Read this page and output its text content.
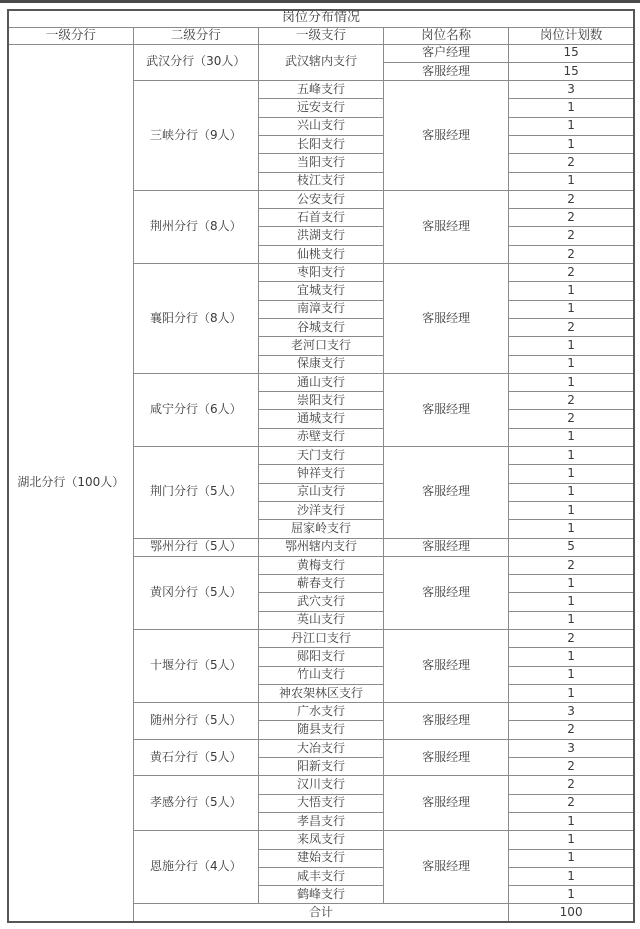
岗位分布情况				
一级分行	二级分行	一级支行	岗位名称	岗位计划数
湖北分行（100人）	武汉分行（30人）	武汉辖内支行	客户经理	15
			客服经理	15
	三峡分行（9人）	五峰支行	客服经理	3
		远安支行		1
		兴山支行		1
		长阳支行		1
		当阳支行		2
		枝江支行		1
	荆州分行（8人）	公安支行	客服经理	2
		石首支行		2
		洪湖支行		2
		仙桃支行		2
	襄阳分行（8人）	枣阳支行	客服经理	2
		宜城支行		1
		南漳支行		1
		谷城支行		2
		老河口支行		1
		保康支行		1
	咸宁分行（6人）	通山支行	客服经理	1
		崇阳支行		2
		通城支行		2
		赤壁支行		1
	荆门分行（5人）	天门支行	客服经理	1
		钟祥支行		1
		京山支行		1
		沙洋支行		1
		屈家岭支行		1
	鄂州分行（5人）	鄂州辖内支行	客服经理	5
	黄冈分行（5人）	黄梅支行	客服经理	2
		蕲春支行		1
		武穴支行		1
		英山支行		1
	十堰分行（5人）	丹江口支行	客服经理	2
		郧阳支行		1
		竹山支行		1
		神农架林区支行		1
	随州分行（5人）	广水支行	客服经理	3
		随县支行		2
	黄石分行（5人）	大冶支行	客服经理	3
		阳新支行		2
	孝感分行（5人）	汉川支行	客服经理	2
		大悟支行		2
		孝昌支行		1
	恩施分行（4人）	来凤支行	客服经理	1
		建始支行		1
		咸丰支行		1
		鹤峰支行		1
	合计			100
